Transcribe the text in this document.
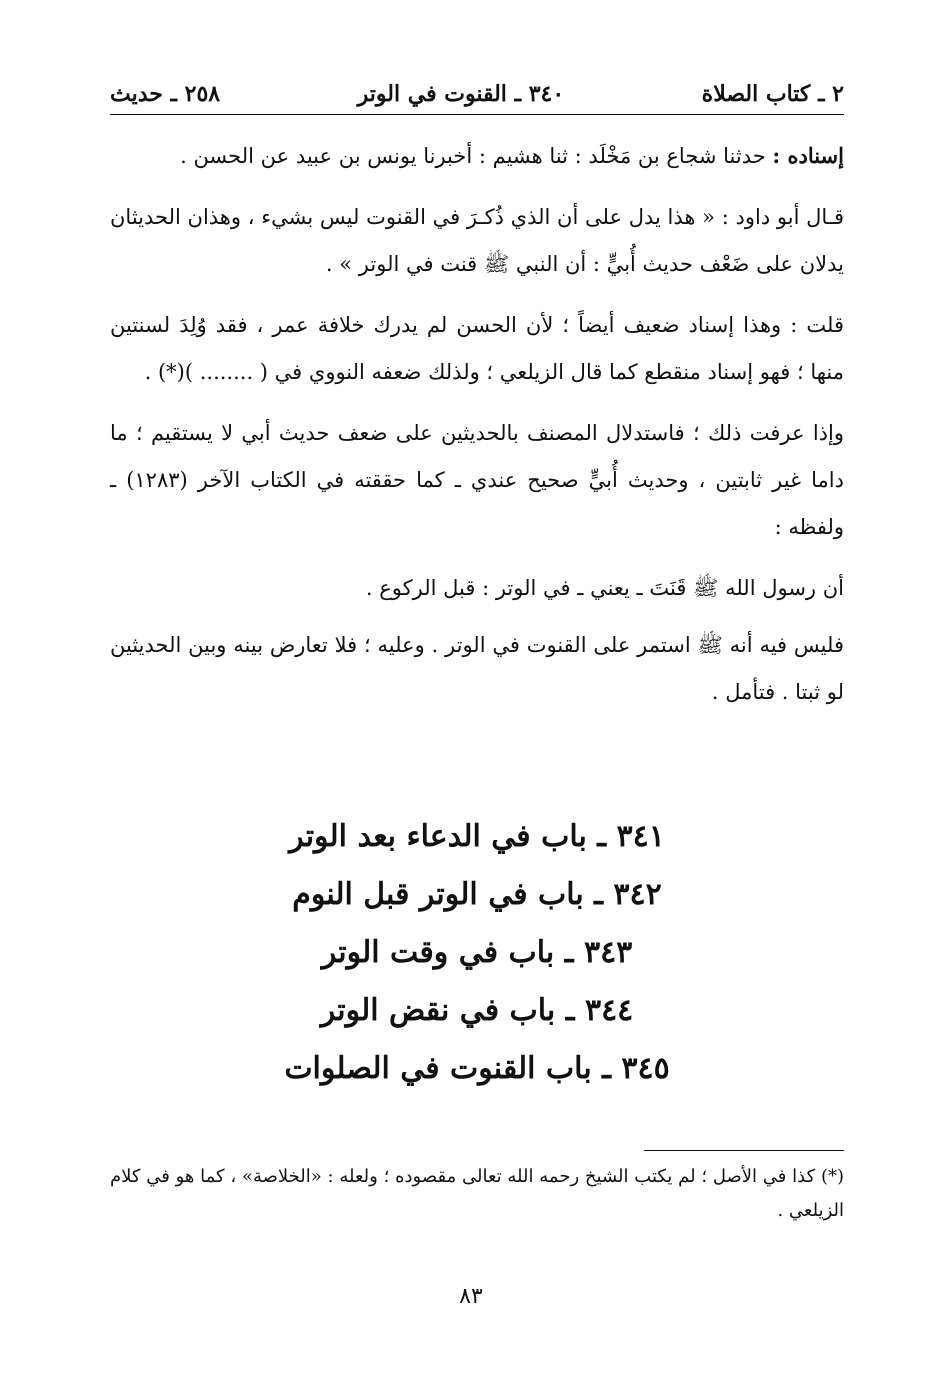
٢ ـ كتاب الصلاة
٣٤٠ ـ القنوت في الوتر
٢٥٨ ـ حديث

إسناده : حدثنا شجاع بن مَخْلَد : ثنا هشيم : أخبرنا يونس بن عبيد عن الحسن .

قـال أبو داود : « هذا يدل على أن الذي ذُكـرَ في القنوت ليس بشيء ، وهذان الحديثان يدلان على ضَعْف حديث أُبيٍّ : أن النبي ﷺ قنت في الوتر » .

قلت : وهذا إسناد ضعيف أيضاً ؛ لأن الحسن لم يدرك خلافة عمر ، فقد وُلِدَ لسنتين منها ؛ فهو إسناد منقطع كما قال الزيلعي ؛ ولذلك ضعفه النووي في ( ........ )(*) .

وإذا عرفت ذلك ؛ فاستدلال المصنف بالحديثين على ضعف حديث أبي لا يستقيم ؛ ما داما غير ثابتين ، وحديث أُبيٍّ صحيح عندي ـ كما حققته في الكتاب الآخر (١٢٨٣) ـ ولفظه :

أن رسول الله ﷺ قَنَتَ ـ يعني ـ في الوتر : قبل الركوع .

فليس فيه أنه ﷺ استمر على القنوت في الوتر . وعليه ؛ فلا تعارض بينه وبين الحديثين لو ثبتا . فتأمل .

٣٤١ ـ باب في الدعاء بعد الوتر
٣٤٢ ـ باب في الوتر قبل النوم
٣٤٣ ـ باب في وقت الوتر
٣٤٤ ـ باب في نقض الوتر
٣٤٥ ـ باب القنوت في الصلوات
(*) كذا في الأصل ؛ لم يكتب الشيخ رحمه الله تعالى مقصوده ؛ ولعله : «الخلاصة» ، كما هو في كلام الزيلعي .
٨٣
